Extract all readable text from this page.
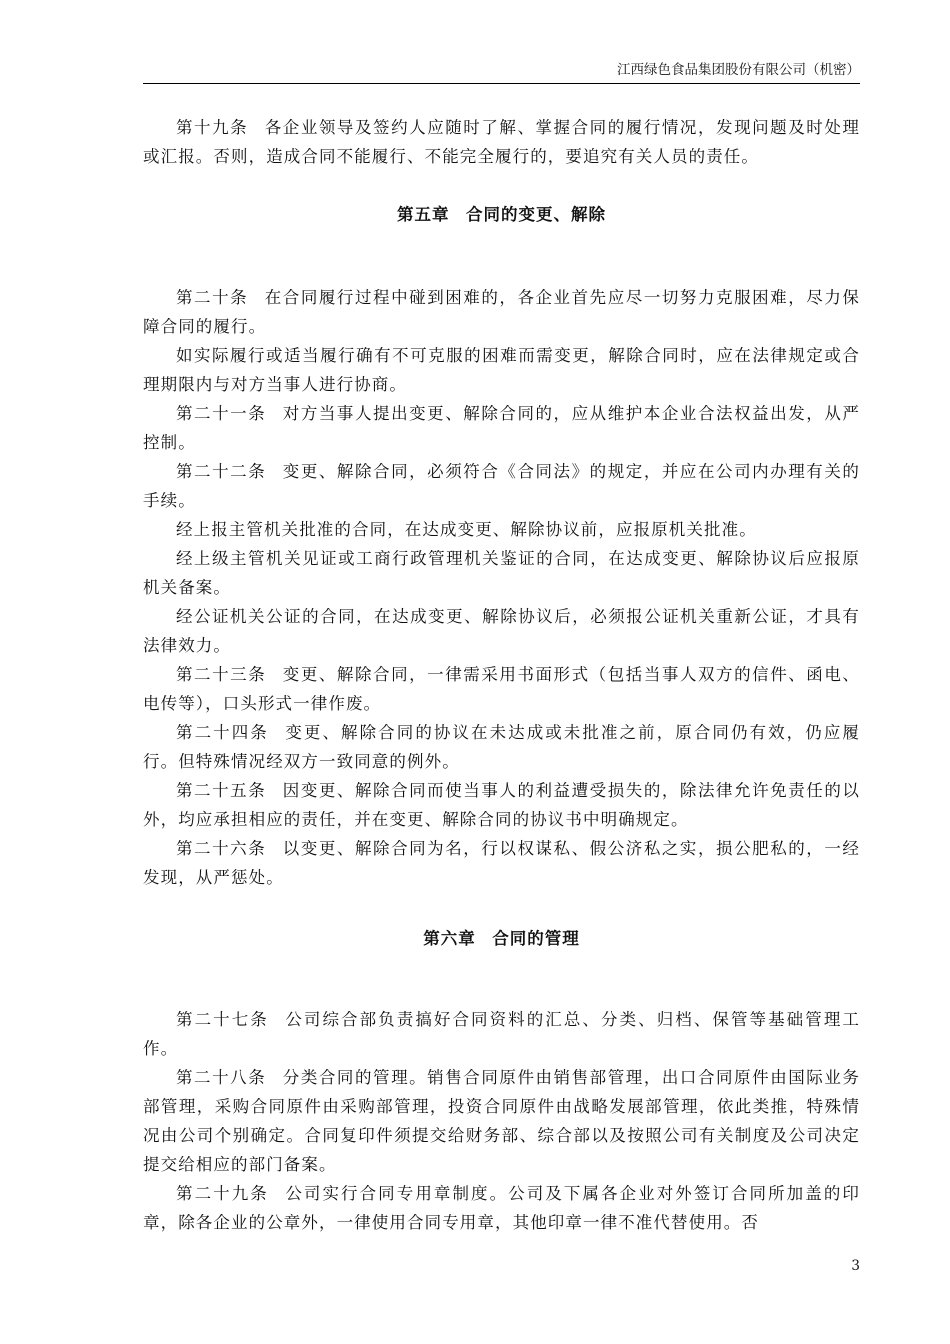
江西绿色食品集团股份有限公司（机密）

第十九条 各企业领导及签约人应随时了解、掌握合同的履行情况，发现问题及时处理或汇报。否则，造成合同不能履行、不能完全履行的，要追究有关人员的责任。

第五章 合同的变更、解除

第二十条 在合同履行过程中碰到困难的，各企业首先应尽一切努力克服困难，尽力保障合同的履行。

如实际履行或适当履行确有不可克服的困难而需变更，解除合同时，应在法律规定或合理期限内与对方当事人进行协商。

第二十一条 对方当事人提出变更、解除合同的，应从维护本企业合法权益出发，从严控制。

第二十二条 变更、解除合同，必须符合《合同法》的规定，并应在公司内办理有关的手续。

经上报主管机关批准的合同，在达成变更、解除协议前，应报原机关批准。

经上级主管机关见证或工商行政管理机关鉴证的合同，在达成变更、解除协议后应报原机关备案。

经公证机关公证的合同，在达成变更、解除协议后，必须报公证机关重新公证，才具有法律效力。

第二十三条 变更、解除合同，一律需采用书面形式（包括当事人双方的信件、函电、电传等），口头形式一律作废。

第二十四条 变更、解除合同的协议在未达成或未批准之前，原合同仍有效，仍应履行。但特殊情况经双方一致同意的例外。

第二十五条 因变更、解除合同而使当事人的利益遭受损失的，除法律允许免责任的以外，均应承担相应的责任，并在变更、解除合同的协议书中明确规定。

第二十六条 以变更、解除合同为名，行以权谋私、假公济私之实，损公肥私的，一经发现，从严惩处。

第六章 合同的管理

第二十七条 公司综合部负责搞好合同资料的汇总、分类、归档、保管等基础管理工作。

第二十八条 分类合同的管理。销售合同原件由销售部管理，出口合同原件由国际业务部管理，采购合同原件由采购部管理，投资合同原件由战略发展部管理，依此类推，特殊情况由公司个别确定。合同复印件须提交给财务部、综合部以及按照公司有关制度及公司决定提交给相应的部门备案。

第二十九条 公司实行合同专用章制度。公司及下属各企业对外签订合同所加盖的印章，除各企业的公章外，一律使用合同专用章，其他印章一律不准代替使用。否

3
